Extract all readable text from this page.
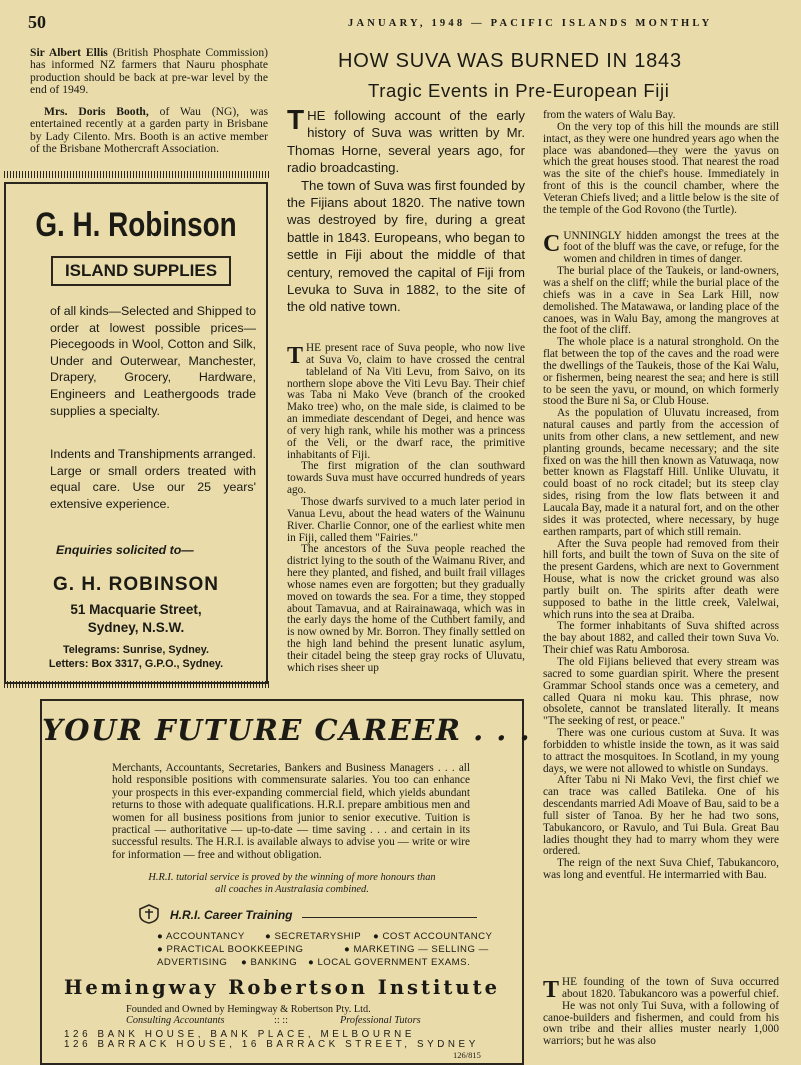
50	JANUARY, 1948 — PACIFIC ISLANDS MONTHLY

Sir Albert Ellis (British Phosphate Commission) has informed NZ farmers that Nauru phosphate production should be back at pre-war level by the end of 1949.

Mrs. Doris Booth, of Wau (NG), was entertained recently at a garden party in Brisbane by Lady Cilento. Mrs. Booth is an active member of the Brisbane Mothercraft Association.

G. H. Robinson
ISLAND SUPPLIES

of all kinds—Selected and Shipped to order at lowest possible prices—Piecegoods in Wool, Cotton and Silk, Under and Outerwear, Manchester, Drapery, Grocery, Hardware, Engineers and Leathergoods trade supplies a specialty.

Indents and Transhipments arranged. Large or small orders treated with equal care. Use our 25 years' extensive experience.

Enquiries solicited to—
G. H. ROBINSON
51 Macquarie Street,
Sydney, N.S.W.
Telegrams: Sunrise, Sydney.
Letters: Box 3317, G.P.O., Sydney.
HOW SUVA WAS BURNED IN 1843
Tragic Events in Pre-European Fiji

THE following account of the early history of Suva was written by Mr. Thomas Horne, several years ago, for radio broadcasting.

The town of Suva was first founded by the Fijians about 1820. The native town was destroyed by fire, during a great battle in 1843. Europeans, who began to settle in Fiji about the middle of that century, removed the capital of Fiji from Levuka to Suva in 1882, to the site of the old native town.

THE present race of Suva people, who now live at Suva Vo, claim to have crossed the central tableland of Na Viti Levu, from Saivo, on its northern slope above the Viti Levu Bay. Their chief was Taba ni Mako Veve (branch of the crooked Mako tree) who, on the male side, is claimed to be an immediate descendant of Degei, and hence was of very high rank, while his mother was a princess of the Veli, or the dwarf race, the primitive inhabitants of Fiji.

The first migration of the clan southward towards Suva must have occurred hundreds of years ago.

Those dwarfs survived to a much later period in Vanua Levu, about the head waters of the Wainunu River. Charlie Connor, one of the earliest white men in Fiji, called them "Fairies."

The ancestors of the Suva people reached the district lying to the south of the Waimanu River, and here they planted, and fished, and built frail villages whose names even are forgotten; but they gradually moved on towards the sea. For a time, they stopped about Tamavua, and at Rairainawaqa, which was in the early days the home of the Cuthbert family, and is now owned by Mr. Borron. They finally settled on the high land behind the present lunatic asylum, their citadel being the steep gray rocks of Uluvatu, which rises sheer up

from the waters of Walu Bay.

On the very top of this hill the mounds are still intact, as they were one hundred years ago when the place was abandoned—they were the yavus on which the great houses stood. That nearest the road was the site of the chief's house. Immediately in front of this is the council chamber, where the Veteran Chiefs lived; and a little below is the site of the temple of the God Rovono (the Turtle).

CUNNINGLY hidden amongst the trees at the foot of the bluff was the cave, or refuge, for the women and children in times of danger.

The burial place of the Taukeis, or land-owners, was a shelf on the cliff; while the burial place of the chiefs was in a cave in Sea Lark Hill, now demolished. The Matawawa, or landing place of the canoes, was in Walu Bay, among the mangroves at the foot of the cliff.

The whole place is a natural stronghold. On the flat between the top of the caves and the road were the dwellings of the Taukeis, those of the Kai Walu, or fishermen, being nearest the sea; and here is still to be seen the yavu, or mound, on which formerly stood the Bure ni Sa, or Club House.

As the population of Uluvatu increased, from natural causes and partly from the accession of units from other clans, a new settlement, and new planting grounds, became necessary; and the site fixed on was the hill then known as Vatuwaqa, now better known as Flagstaff Hill. Unlike Uluvatu, it could boast of no rock citadel; but its steep clay sides, rising from the low flats between it and Laucala Bay, made it a natural fort, and on the other sides it was protected, where necessary, by huge earthen ramparts, part of which still remain.

After the Suva people had removed from their hill forts, and built the town of Suva on the site of the present Gardens, which are next to Government House, what is now the cricket ground was also partly built on. The spirits after death were supposed to bathe in the little creek, Valelwai, which runs into the sea at Draiba.

The former inhabitants of Suva shifted across the bay about 1882, and called their town Suva Vo. Their chief was Ratu Amborosa.

The old Fijians believed that every stream was sacred to some guardian spirit. Where the present Grammar School stands once was a cemetery, and called Quara ni moku kau. This phrase, now obsolete, cannot be translated literally. It means "The seeking of rest, or peace."

There was one curious custom at Suva. It was forbidden to whistle inside the town, as it was said to attract the mosquitoes. In Scotland, in my young days, we were not allowed to whistle on Sundays.

After Tabu ni Ni Mako Vevi, the first chief we can trace was called Batileka. One of his descendants married Adi Moave of Bau, said to be a full sister of Tanoa. By her he had two sons, Tabukancoro, or Ravulo, and Tui Bula. Great Bau ladies thought they had to marry whom they were ordered.

The reign of the next Suva Chief, Tabukancoro, was long and eventful. He intermarried with Bau.

THE founding of the town of Suva occurred about 1820. Tabukancoro was a powerful chief. He was not only Tui Suva, with a following of canoe-builders and fishermen, and could from his own tribe and their allies muster nearly 1,000 warriors; but he was also

YOUR FUTURE CAREER . . .

Merchants, Accountants, Secretaries, Bankers and Business Managers . . . all hold responsible positions with commensurate salaries. You too can enhance your prospects in this ever-expanding commercial field, which yields abundant returns to those with adequate qualifications. H.R.I. prepare ambitious men and women for all business positions from junior to senior executive. Tuition is practical — authoritative — up-to-date — time saving . . . and certain in its successful results. The H.R.I. is available always to advise you — write or wire for information — free and without obligation.

H.R.I. tutorial service is proved by the winning of more honours than all coaches in Australasia combined.

H.R.I. Career Training
● ACCOUNTANCY ● SECRETARYSHIP ● COST ACCOUNTANCY
● PRACTICAL BOOKKEEPING	● MARKETING — SELLING —
ADVERTISING ● BANKING ● LOCAL GOVERNMENT EXAMS.
Hemingway Robertson Institute
Founded and Owned by Hemingway & Robertson Pty. Ltd.
Consulting Accountants	:: ::	Professional Tutors
126 BANK HOUSE, BANK PLACE, MELBOURNE
126 BARRACK HOUSE, 16 BARRACK STREET, SYDNEY
126/815
